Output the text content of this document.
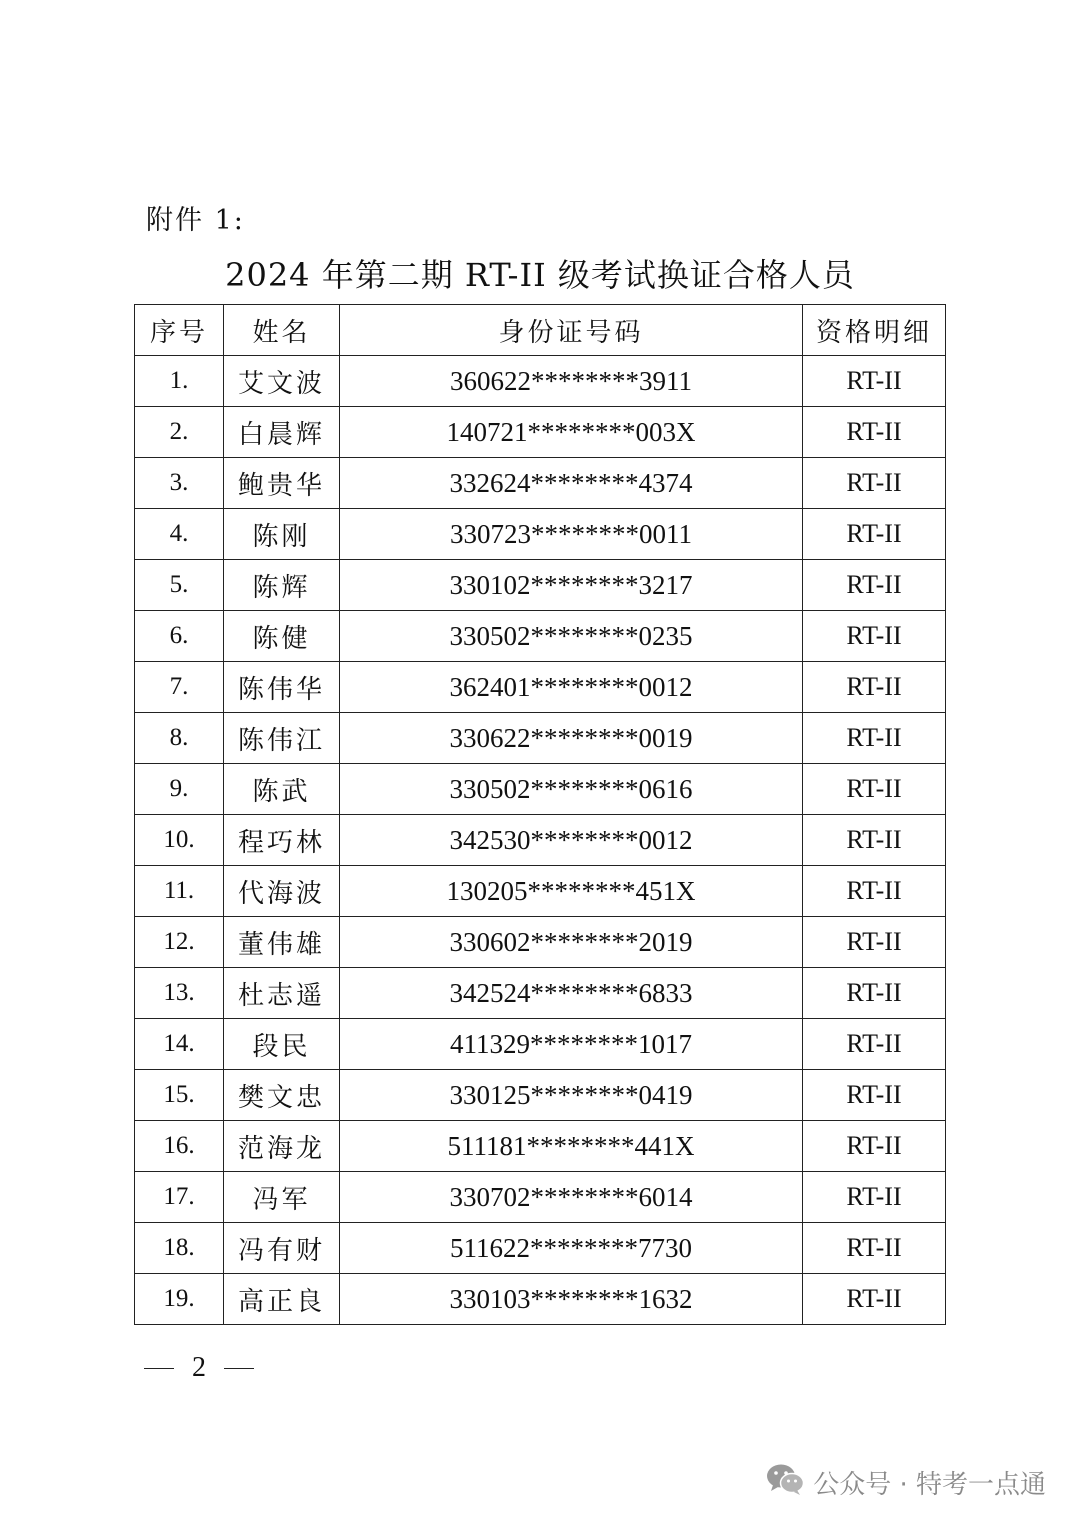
附件 1:
2024 年第二期 RT-II 级考试换证合格人员
序号	姓名	身份证号码	资格明细
1.	艾文波	360622********3911	RT-II
2.	白晨辉	140721********003X	RT-II
3.	鲍贵华	332624********4374	RT-II
4.	陈刚	330723********0011	RT-II
5.	陈辉	330102********3217	RT-II
6.	陈健	330502********0235	RT-II
7.	陈伟华	362401********0012	RT-II
8.	陈伟江	330622********0019	RT-II
9.	陈武	330502********0616	RT-II
10.	程巧林	342530********0012	RT-II
11.	代海波	130205********451X	RT-II
12.	董伟雄	330602********2019	RT-II
13.	杜志遥	342524********6833	RT-II
14.	段民	411329********1017	RT-II
15.	樊文忠	330125********0419	RT-II
16.	范海龙	511181********441X	RT-II
17.	冯军	330702********6014	RT-II
18.	冯有财	511622********7730	RT-II
19.	高正良	330103********1632	RT-II
2
公众号 · 特考一点通
